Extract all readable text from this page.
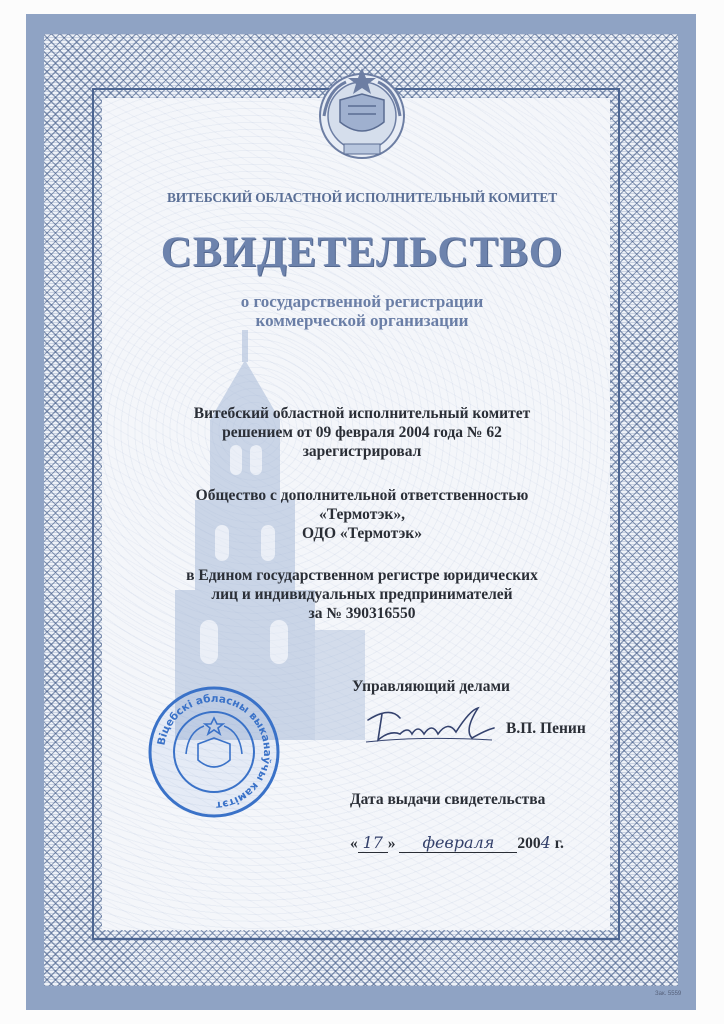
ВИТЕБСКИЙ ОБЛАСТНОЙ ИСПОЛНИТЕЛЬНЫЙ КОМИТЕТ
СВИДЕТЕЛЬСТВО
о государственной регистрации
коммерческой организации
Витебский областной исполнительный комитет
решением от 09 февраля 2004 года № 62
зарегистрировал
Общество с дополнительной ответственностью
«Термотэк»,
ОДО «Термотэк»
в Едином государственном регистре юридических
лиц и индивидуальных предпринимателей
за № 390316550
Управляющий делами
В.П. Пенин
Дата выдачи свидетельства
« 17 » февраля 2004 г.
Віцебскі абласны выканаўчы камітэт
Зак. 5559
